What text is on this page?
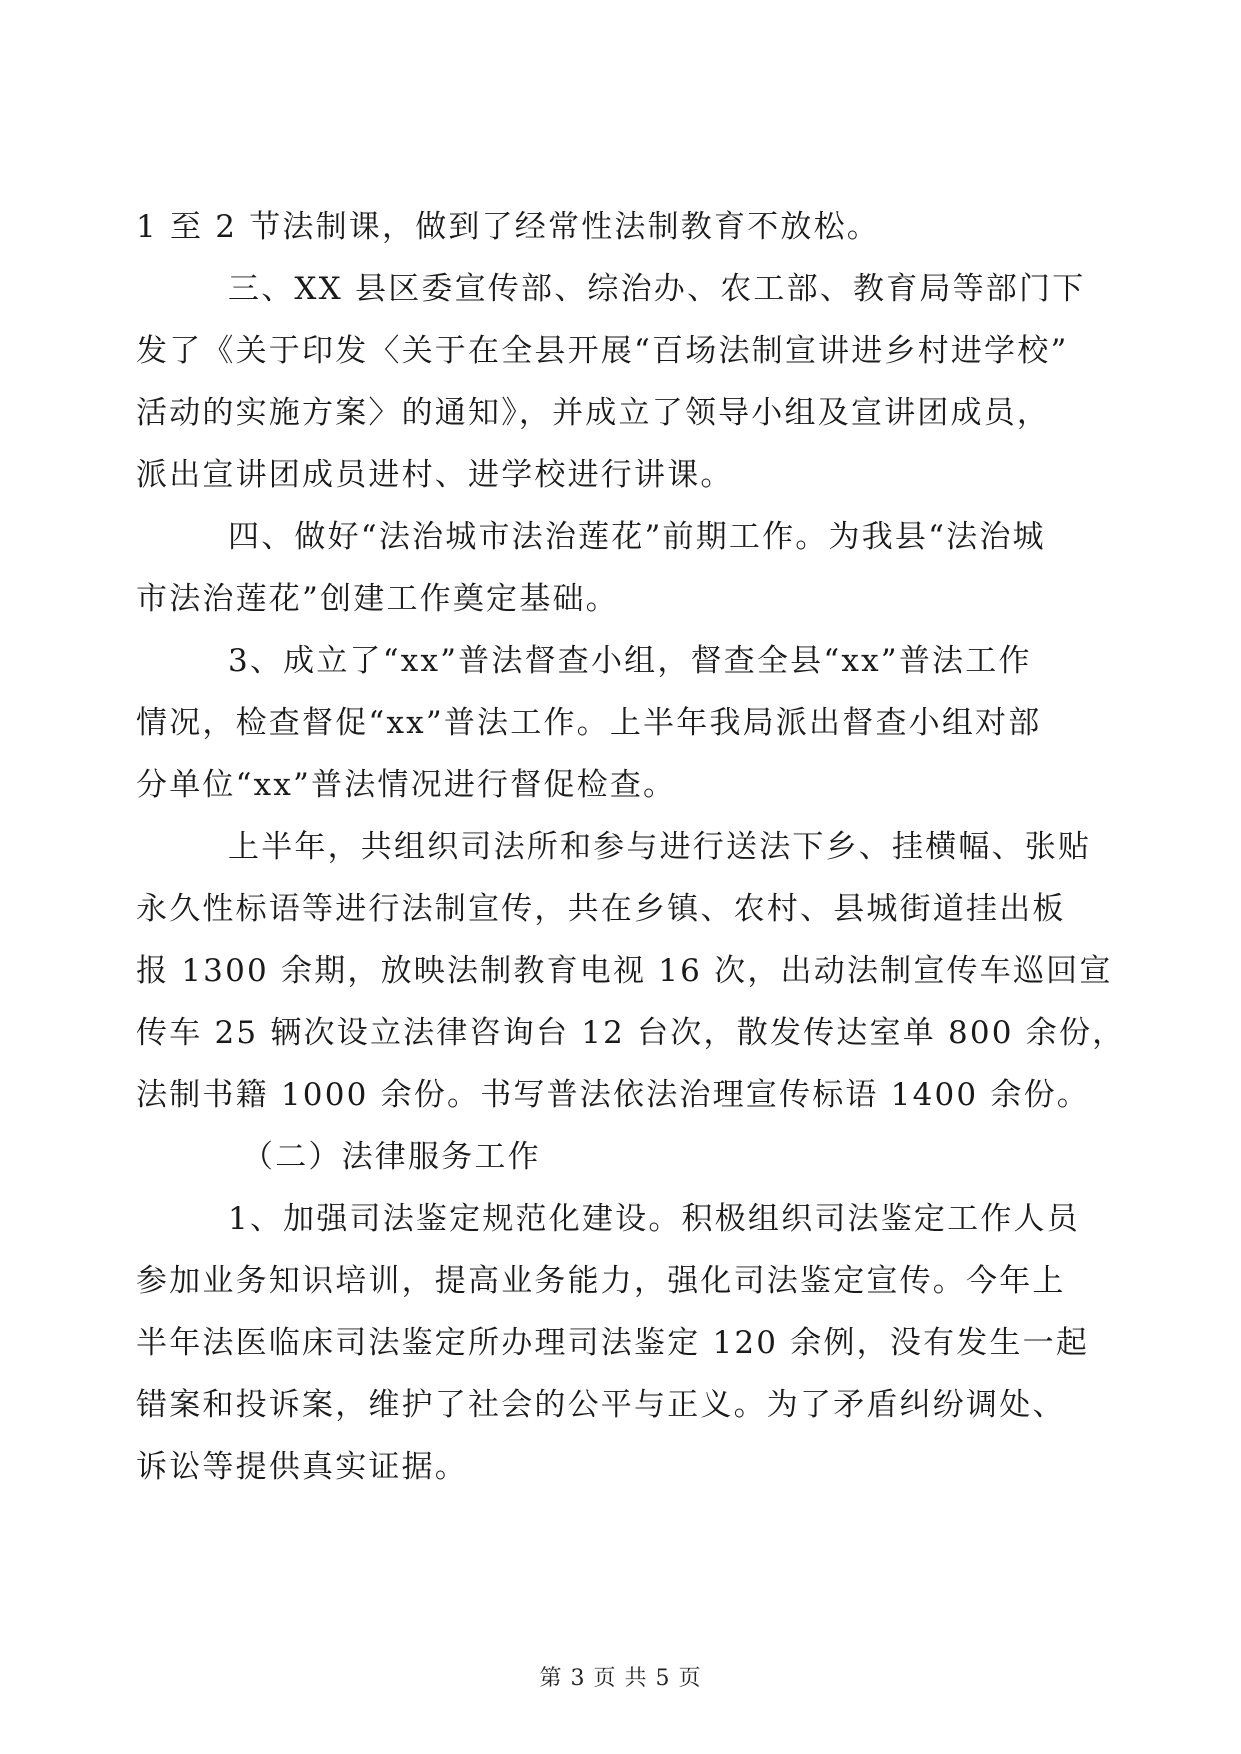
1 至 2 节法制课，做到了经常性法制教育不放松。
三、XX 县区委宣传部、综治办、农工部、教育局等部门下
发了《关于印发〈关于在全县开展“百场法制宣讲进乡村进学校”
活动的实施方案〉的通知》，并成立了领导小组及宣讲团成员，
派出宣讲团成员进村、进学校进行讲课。
四、做好“法治城市法治莲花”前期工作。为我县“法治城
市法治莲花”创建工作奠定基础。
3、成立了“xx”普法督查小组，督查全县“xx”普法工作
情况，检查督促“xx”普法工作。上半年我局派出督查小组对部
分单位“xx”普法情况进行督促检查。
上半年，共组织司法所和参与进行送法下乡、挂横幅、张贴
永久性标语等进行法制宣传，共在乡镇、农村、县城街道挂出板
报 1300 余期，放映法制教育电视 16 次，出动法制宣传车巡回宣
传车 25 辆次设立法律咨询台 12 台次，散发传达室单 800 余份，
法制书籍 1000 余份。书写普法依法治理宣传标语 1400 余份。
（二）法律服务工作
1、加强司法鉴定规范化建设。积极组织司法鉴定工作人员
参加业务知识培训，提高业务能力，强化司法鉴定宣传。今年上
半年法医临床司法鉴定所办理司法鉴定 120 余例，没有发生一起
错案和投诉案，维护了社会的公平与正义。为了矛盾纠纷调处、
诉讼等提供真实证据。
第 3 页 共 5 页
